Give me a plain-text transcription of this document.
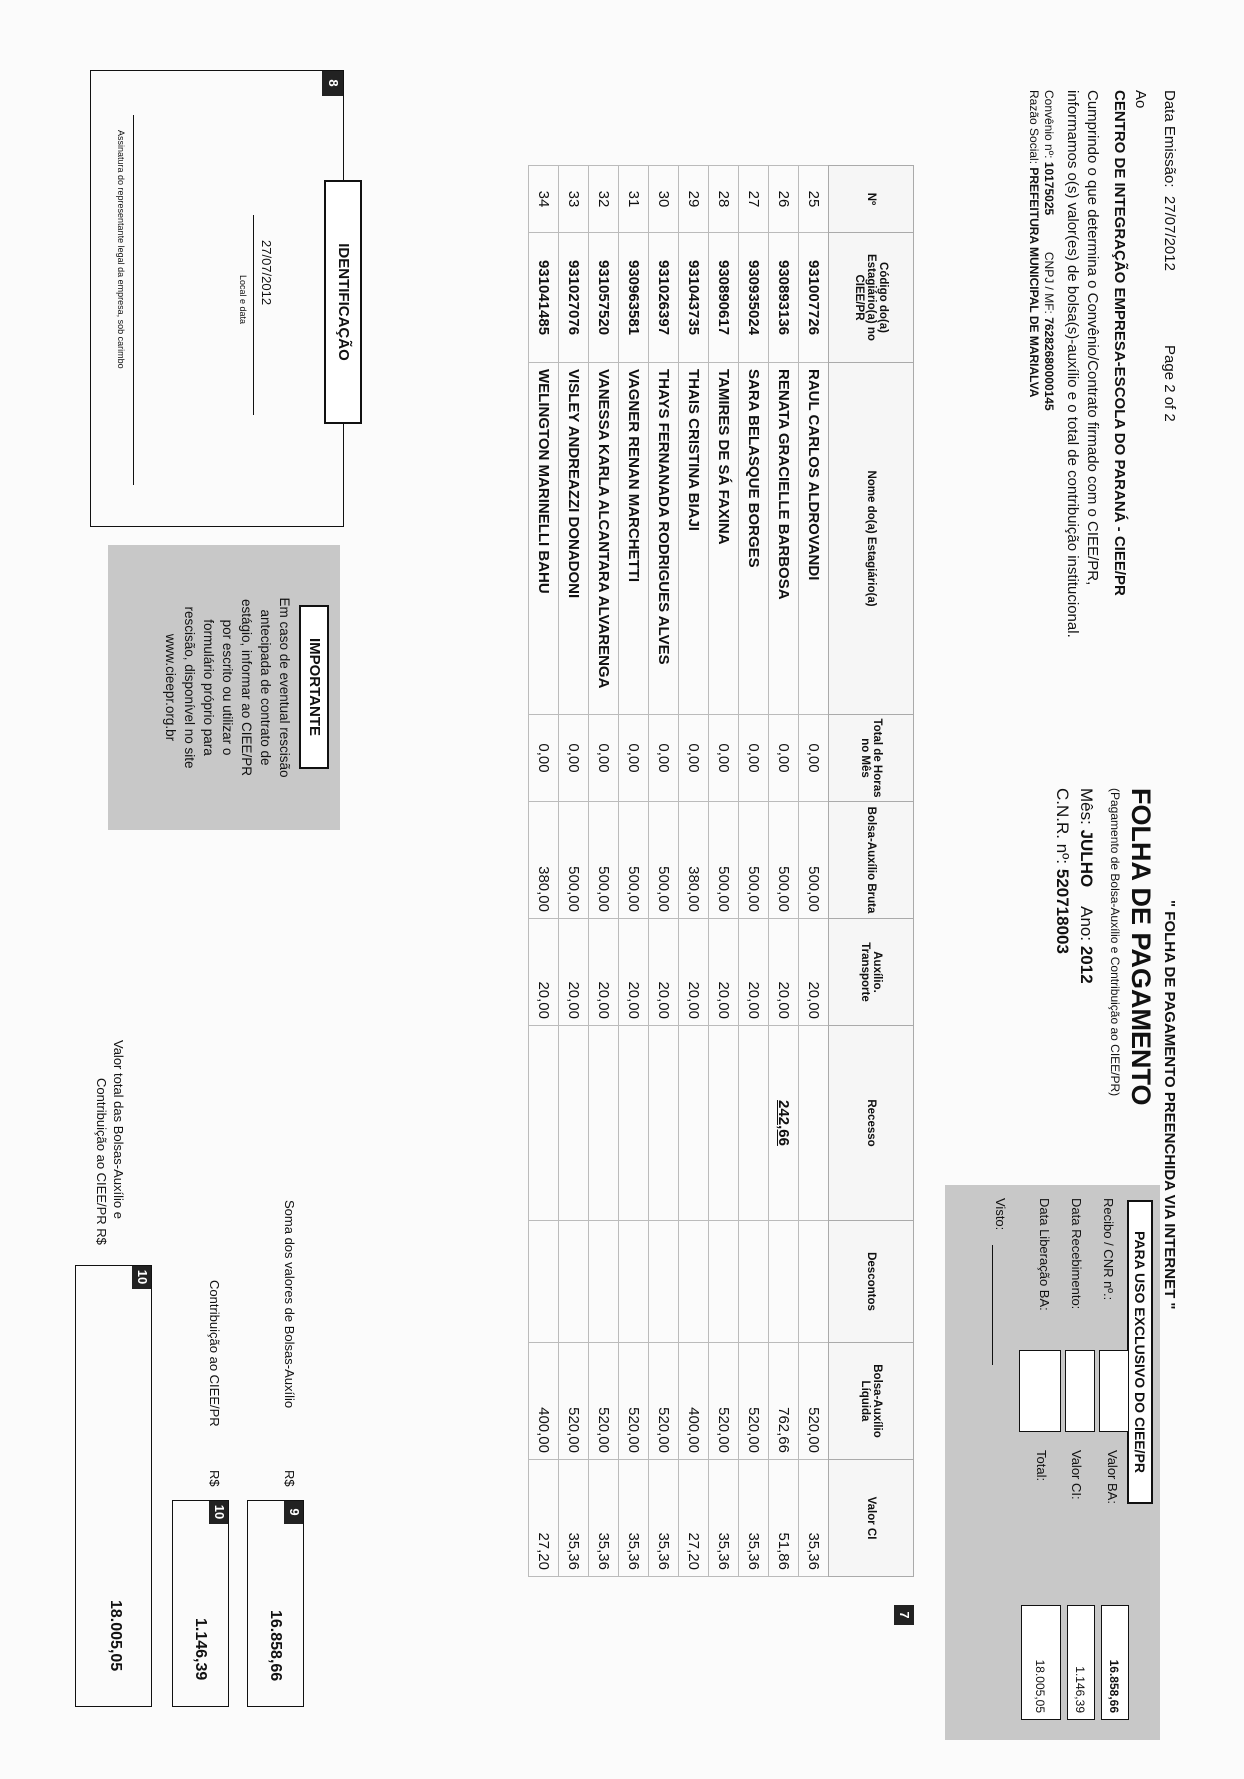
Data Emissão:  27/07/2012
Page 2 of 2
" FOLHA DE PAGAMENTO PREENCHIDA VIA INTERNET "
Ao
CENTRO DE INTEGRAÇÃO EMPRESA-ESCOLA DO PARANÁ - CIEE/PR
Cumprindo o que determina o Convênio/Contrato firmado com o CIEE/PR,
informamos o(s) valor(es) de bolsa(s)-auxílio e o total de contribuição institucional.
Convênio nº: 10175025  CNPJ / MF: 76282680000145
Razão Social: PREFEITURA MUNICIPAL DE MARIALVA
FOLHA DE PAGAMENTO
(Pagamento de Bolsa-Auxílio e Contribuição ao CIEE/PR)
Mês: JULHO    Ano: 2012
C.N.R. nº: 520718003
PARA USO EXCLUSIVO DO CIEE/PR
Recibo / CNR nº.:
Data Recebimento:
Data Liberação BA:
Visto:
Valor BA:
Valor CI:
Total:
16.858,66
1.146,39
18.005,05
7
Nº	Código do(a) Estagiário(a) no CIEE/PR	Nome do(a) Estagiário(a)	Total de Horas no Mês	Bolsa-Auxílio Bruta	Auxílio. Transporte	Recesso	Descontos	Bolsa-Auxílio Líquida	Valor CI
25	931007726	RAUL CARLOS ALDROVANDI	0,00	500,00	20,00			520,00	35,36
26	930893136	RENATA GRACIELLE BARBOSA	0,00	500,00	20,00	242,66		762,66	51,86
27	930935024	SARA BELASQUE BORGES	0,00	500,00	20,00			520,00	35,36
28	930890617	TAMIRES DE SÁ FAXINA	0,00	500,00	20,00			520,00	35,36
29	931043735	THAIS CRISTINA BIAJI	0,00	380,00	20,00			400,00	27,20
30	931026397	THAYS FERNANADA RODRIGUES ALVES	0,00	500,00	20,00			520,00	35,36
31	930963581	VAGNER RENAN MARCHETTI	0,00	500,00	20,00			520,00	35,36
32	931057520	VANESSA KARLA ALCANTARA ALVARENGA	0,00	500,00	20,00			520,00	35,36
33	931027076	VISLEY ANDREAZZI DONADONI	0,00	500,00	20,00			520,00	35,36
34	931041485	WELINGTON MARINELLI BAHU	0,00	380,00	20,00			400,00	27,20
8
IDENTIFICAÇÃO
27/07/2012
Local e data
Assinatura do representante legal da empresa, sob carimbo
IMPORTANTE
Em caso de eventual rescisão
antecipada de contrato de
estágio, informar ao CIEE/PR
por escrito ou utilizar o
formulário próprio para
rescisão, disponível no site
www.cieepr.org.br
Soma dos valores de Bolsas-Auxílio
R$
9
16.858,66
Contribuição ao CIEE/PR
R$
10
1.146,39
Valor total das Bolsas-Auxílio e
Contribuição ao CIEE/PR R$
10
18.005,05
